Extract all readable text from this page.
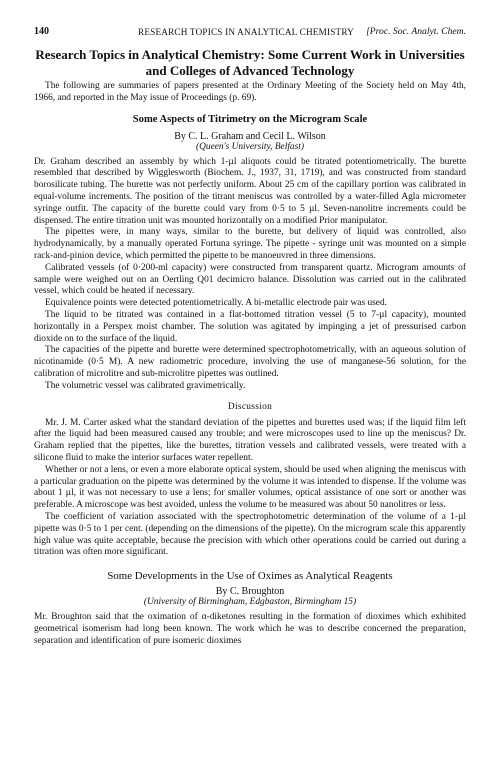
140	RESEARCH TOPICS IN ANALYTICAL CHEMISTRY [Proc. Soc. Analyt. Chem.
Research Topics in Analytical Chemistry: Some Current Work in Universities and Colleges of Advanced Technology

The following are summaries of papers presented at the Ordinary Meeting of the Society held on May 4th, 1966, and reported in the May issue of Proceedings (p. 69).

Some Aspects of Titrimetry on the Microgram Scale
By C. L. Graham and Cecil L. Wilson
(Queen's University, Belfast)

Dr. Graham described an assembly by which 1-µl aliquots could be titrated potentiometrically. The burette resembled that described by Wigglesworth (Biochem. J., 1937, 31, 1719), and was constructed from standard borosilicate tubing. The burette was not perfectly uniform. About 25 cm of the capillary portion was calibrated in equal-volume increments. The position of the titrant meniscus was controlled by a water-filled Agla micrometer syringe outfit. The capacity of the burette could vary from 0·5 to 5 µl. Seven-nanolitre increments could be dispensed. The entire titration unit was mounted horizontally on a modified Prior manipulator.

The pipettes were, in many ways, similar to the burette, but delivery of liquid was controlled, also hydrodynamically, by a manually operated Fortuna syringe. The pipette - syringe unit was mounted on a simple rack-and-pinion device, which permitted the pipette to be manoeuvred in three dimensions.

Calibrated vessels (of 0·200-ml capacity) were constructed from transparent quartz. Microgram amounts of sample were weighed out on an Oertling Q01 decimicro balance. Dissolution was carried out in the calibrated vessel, which could be heated if necessary.

Equivalence points were detected potentiometrically. A bi-metallic electrode pair was used.

The liquid to be titrated was contained in a flat-bottomed titration vessel (5 to 7-µl capacity), mounted horizontally in a Perspex moist chamber. The solution was agitated by impinging a jet of pressurised carbon dioxide on to the surface of the liquid.

The capacities of the pipette and burette were determined spectrophotometrically, with an aqueous solution of nicotinamide (0·5 M). A new radiometric procedure, involving the use of manganese-56 solution, for the calibration of microlitre and sub-microlitre pipettes was outlined.

The volumetric vessel was calibrated gravimetrically.

Discussion

Mr. J. M. Carter asked what the standard deviation of the pipettes and burettes used was; if the liquid film left after the liquid had been measured caused any trouble; and were microscopes used to line up the meniscus? Dr. Graham replied that the pipettes, like the burettes, titration vessels and calibrated vessels, were treated with a silicone fluid to make the interior surfaces water repellent.

Whether or not a lens, or even a more elaborate optical system, should be used when aligning the meniscus with a particular graduation on the pipette was determined by the volume it was intended to dispense. If the volume was about 1 µl, it was not necessary to use a lens; for smaller volumes, optical assistance of one sort or another was preferable. A microscope was best avoided, unless the volume to be measured was about 50 nanolitres or less.

The coefficient of variation associated with the spectrophotometric determination of the volume of a 1-µl pipette was 0·5 to 1 per cent. (depending on the dimensions of the pipette). On the microgram scale this apparently high value was quite acceptable, because the precision with which other operations could be carried out during a titration was often more significant.

Some Developments in the Use of Oximes as Analytical Reagents
By C. Broughton
(University of Birmingham, Edgbaston, Birmingham 15)

Mr. Broughton said that the oximation of α-diketones resulting in the formation of dioximes which exhibited geometrical isomerism had long been known. The work which he was to describe concerned the preparation, separation and identification of pure isomeric dioximes
